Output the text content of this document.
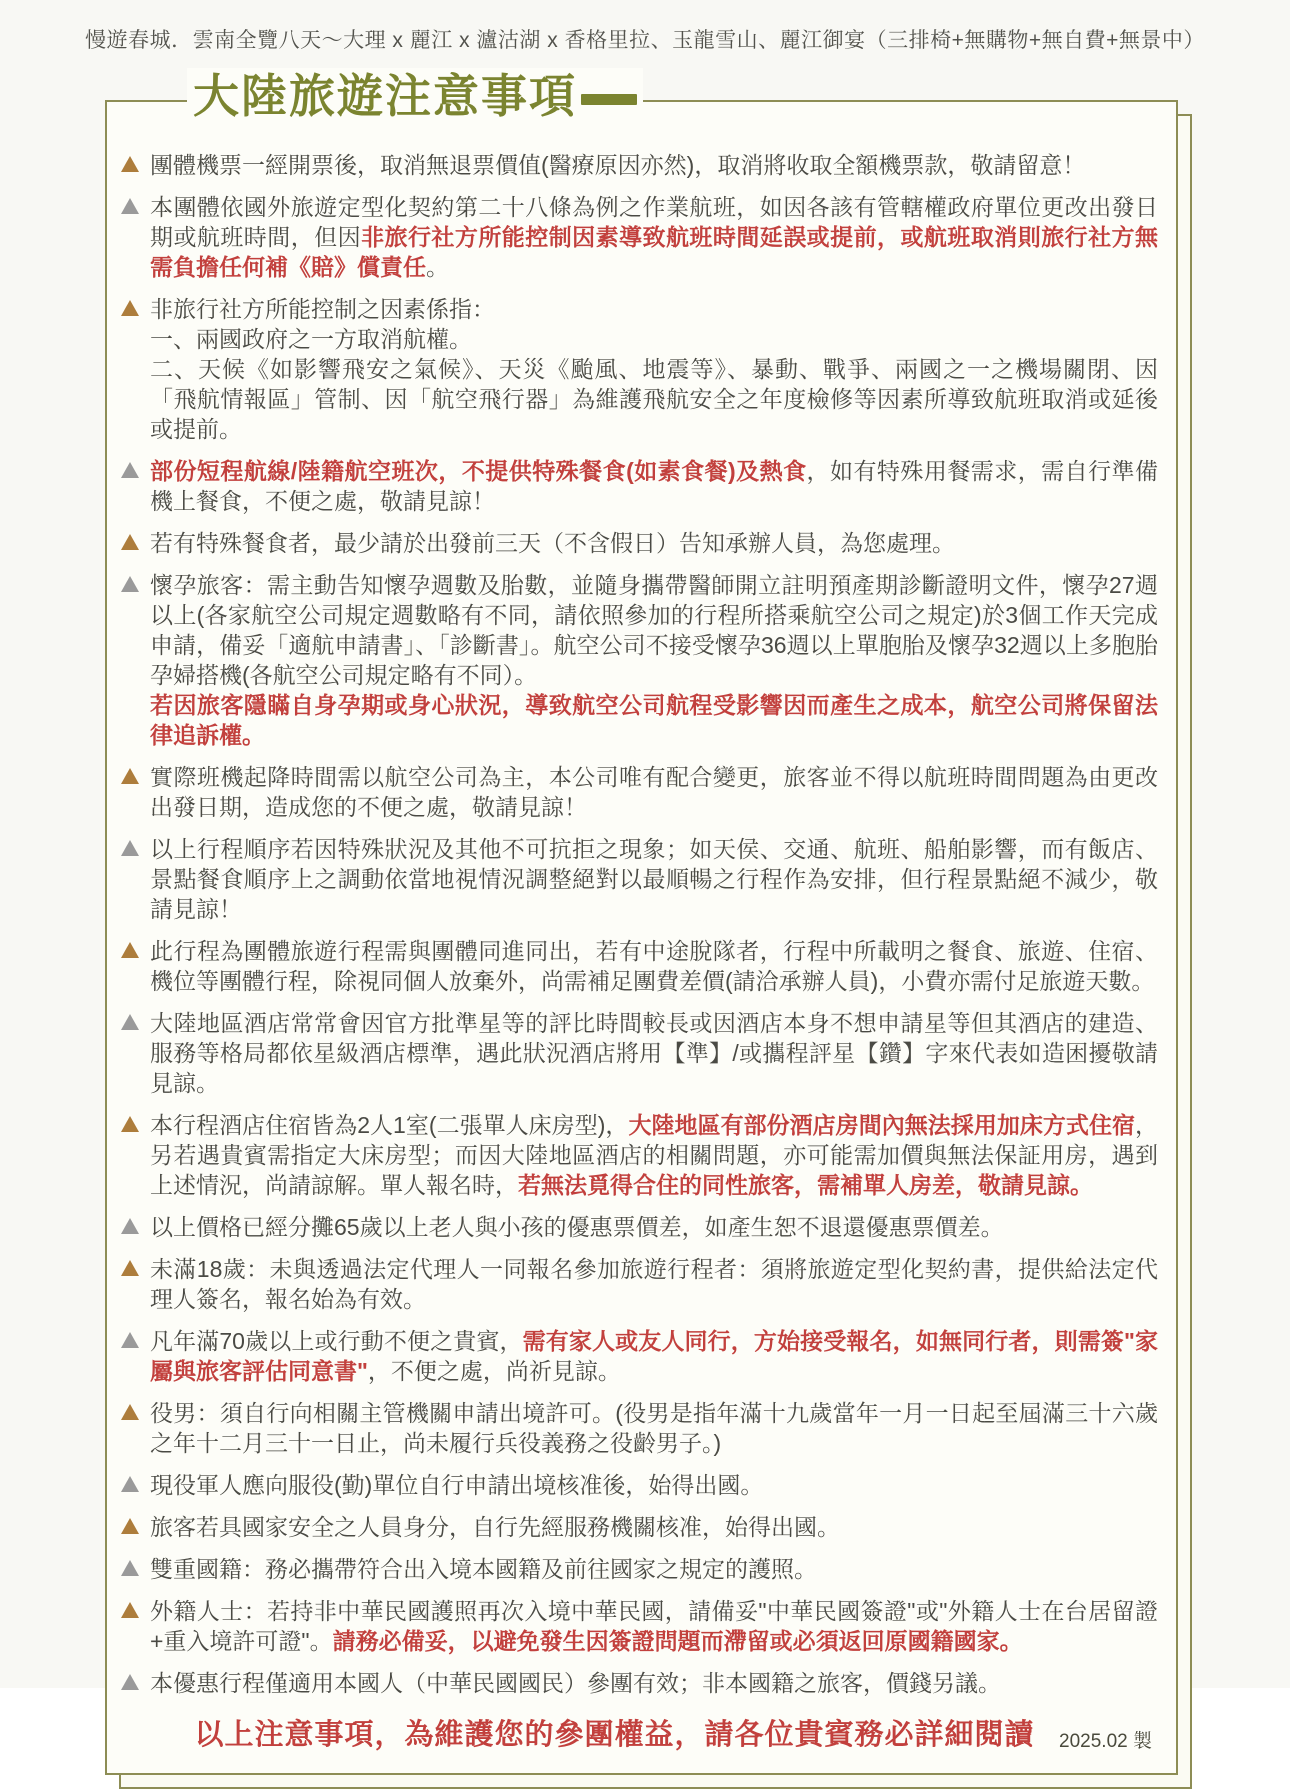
慢遊春城．雲南全覽八天～大理 x 麗江 x 瀘沽湖 x 香格里拉、玉龍雪山、麗江御宴（三排椅+無購物+無自費+無景中）
大陸旅遊注意事項
團體機票一經開票後，取消無退票價值(醫療原因亦然)，取消將收取全額機票款，敬請留意！
本團體依國外旅遊定型化契約第二十八條為例之作業航班，如因各該有管轄權政府單位更改出發日期或航班時間，但因非旅行社方所能控制因素導致航班時間延誤或提前，或航班取消則旅行社方無需負擔任何補《賠》償責任。
非旅行社方所能控制之因素係指：
一、兩國政府之一方取消航權。
二、天候《如影響飛安之氣候》、天災《颱風、地震等》、暴動、戰爭、兩國之一之機場關閉、因「飛航情報區」管制、因「航空飛行器」為維護飛航安全之年度檢修等因素所導致航班取消或延後或提前。
部份短程航線/陸籍航空班次，不提供特殊餐食(如素食餐)及熱食，如有特殊用餐需求，需自行準備機上餐食，不便之處，敬請見諒！
若有特殊餐食者，最少請於出發前三天（不含假日）告知承辦人員，為您處理。
懷孕旅客：需主動告知懷孕週數及胎數，並隨身攜帶醫師開立註明預產期診斷證明文件，懷孕27週以上(各家航空公司規定週數略有不同，請依照參加的行程所搭乘航空公司之規定)於3個工作天完成申請，備妥「適航申請書」、「診斷書」。航空公司不接受懷孕36週以上單胞胎及懷孕32週以上多胞胎孕婦搭機(各航空公司規定略有不同）。
若因旅客隱瞞自身孕期或身心狀況，導致航空公司航程受影響因而產生之成本，航空公司將保留法律追訴權。
實際班機起降時間需以航空公司為主，本公司唯有配合變更，旅客並不得以航班時間問題為由更改出發日期，造成您的不便之處，敬請見諒！
以上行程順序若因特殊狀況及其他不可抗拒之現象；如天侯、交通、航班、船舶影響，而有飯店、景點餐食順序上之調動依當地視情況調整絕對以最順暢之行程作為安排，但行程景點絕不減少，敬請見諒！
此行程為團體旅遊行程需與團體同進同出，若有中途脫隊者，行程中所載明之餐食、旅遊、住宿、機位等團體行程，除視同個人放棄外，尚需補足團費差價(請洽承辦人員)，小費亦需付足旅遊天數。
大陸地區酒店常常會因官方批準星等的評比時間較長或因酒店本身不想申請星等但其酒店的建造、服務等格局都依星級酒店標準，遇此狀況酒店將用【準】/或攜程評星【鑽】字來代表如造困擾敬請見諒。
本行程酒店住宿皆為2人1室(二張單人床房型)，大陸地區有部份酒店房間內無法採用加床方式住宿，另若遇貴賓需指定大床房型；而因大陸地區酒店的相關問題，亦可能需加價與無法保証用房，遇到上述情況，尚請諒解。單人報名時，若無法覓得合住的同性旅客，需補單人房差，敬請見諒。
以上價格已經分攤65歲以上老人與小孩的優惠票價差，如產生恕不退還優惠票價差。
未滿18歲：未與透過法定代理人一同報名參加旅遊行程者：須將旅遊定型化契約書，提供給法定代理人簽名，報名始為有效。
凡年滿70歲以上或行動不便之貴賓，需有家人或友人同行，方始接受報名，如無同行者，則需簽"家屬與旅客評估同意書"，不便之處，尚祈見諒。
役男：須自行向相關主管機關申請出境許可。(役男是指年滿十九歲當年一月一日起至屆滿三十六歲之年十二月三十一日止，尚未履行兵役義務之役齡男子。)
現役軍人應向服役(勤)單位自行申請出境核准後，始得出國。
旅客若具國家安全之人員身分，自行先經服務機關核准，始得出國。
雙重國籍：務必攜帶符合出入境本國籍及前往國家之規定的護照。
外籍人士：若持非中華民國護照再次入境中華民國，請備妥"中華民國簽證"或"外籍人士在台居留證+重入境許可證"。請務必備妥，以避免發生因簽證問題而滯留或必須返回原國籍國家。
本優惠行程僅適用本國人（中華民國國民）參團有效；非本國籍之旅客，價錢另議。
以上注意事項，為維護您的參團權益，請各位貴賓務必詳細閱讀 2025.02 製
